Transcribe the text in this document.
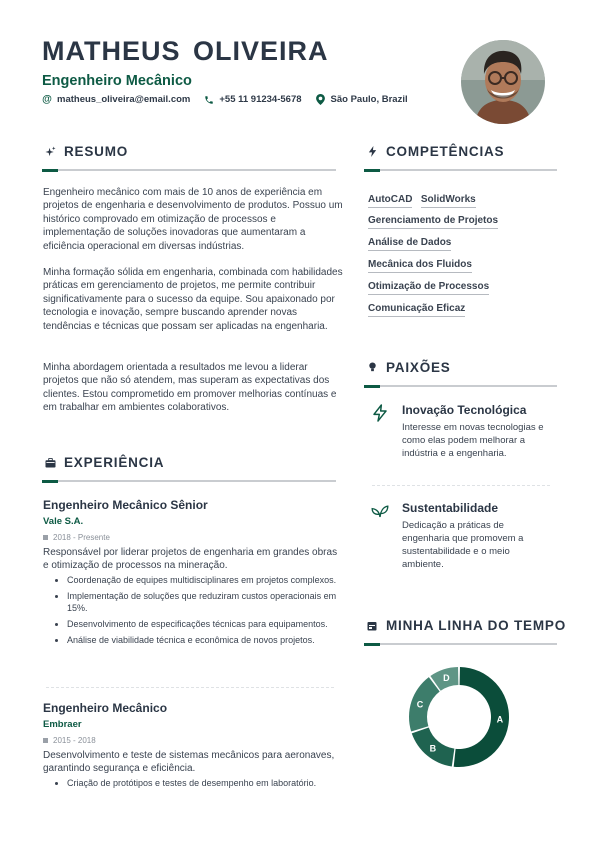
MATHEUS OLIVEIRA
Engenheiro Mecânico
@ matheus_oliveira@email.com	+55 11 91234-5678	São Paulo, Brazil
RESUMO
Engenheiro mecânico com mais de 10 anos de experiência em projetos de engenharia e desenvolvimento de produtos. Possuo um histórico comprovado em otimização de processos e implementação de soluções inovadoras que aumentaram a eficiência operacional em diversas indústrias.
Minha formação sólida em engenharia, combinada com habilidades práticas em gerenciamento de projetos, me permite contribuir significativamente para o sucesso da equipe. Sou apaixonado por tecnologia e inovação, sempre buscando aprender novas tendências e técnicas que possam ser aplicadas na engenharia.
Minha abordagem orientada a resultados me levou a liderar projetos que não só atendem, mas superam as expectativas dos clientes. Estou comprometido em promover melhorias contínuas e em trabalhar em ambientes colaborativos.
EXPERIÊNCIA
Engenheiro Mecânico Sênior
Vale S.A.
2018 - Presente
Responsável por liderar projetos de engenharia em grandes obras e otimização de processos na mineração.
• Coordenação de equipes multidisciplinares em projetos complexos.
• Implementação de soluções que reduziram custos operacionais em 15%.
• Desenvolvimento de especificações técnicas para equipamentos.
• Análise de viabilidade técnica e econômica de novos projetos.
Engenheiro Mecânico
Embraer
2015 - 2018
Desenvolvimento e teste de sistemas mecânicos para aeronaves, garantindo segurança e eficiência.
• Criação de protótipos e testes de desempenho em laboratório.
COMPETÊNCIAS
AutoCAD SolidWorks
Gerenciamento de Projetos
Análise de Dados
Mecânica dos Fluidos
Otimização de Processos
Comunicação Eficaz
PAIXÕES
Inovação Tecnológica
Interesse em novas tecnologias e como elas podem melhorar a indústria e a engenharia.
Sustentabilidade
Dedicação a práticas de engenharia que promovem a sustentabilidade e o meio ambiente.
MINHA LINHA DO TEMPO
A
B
C
D
